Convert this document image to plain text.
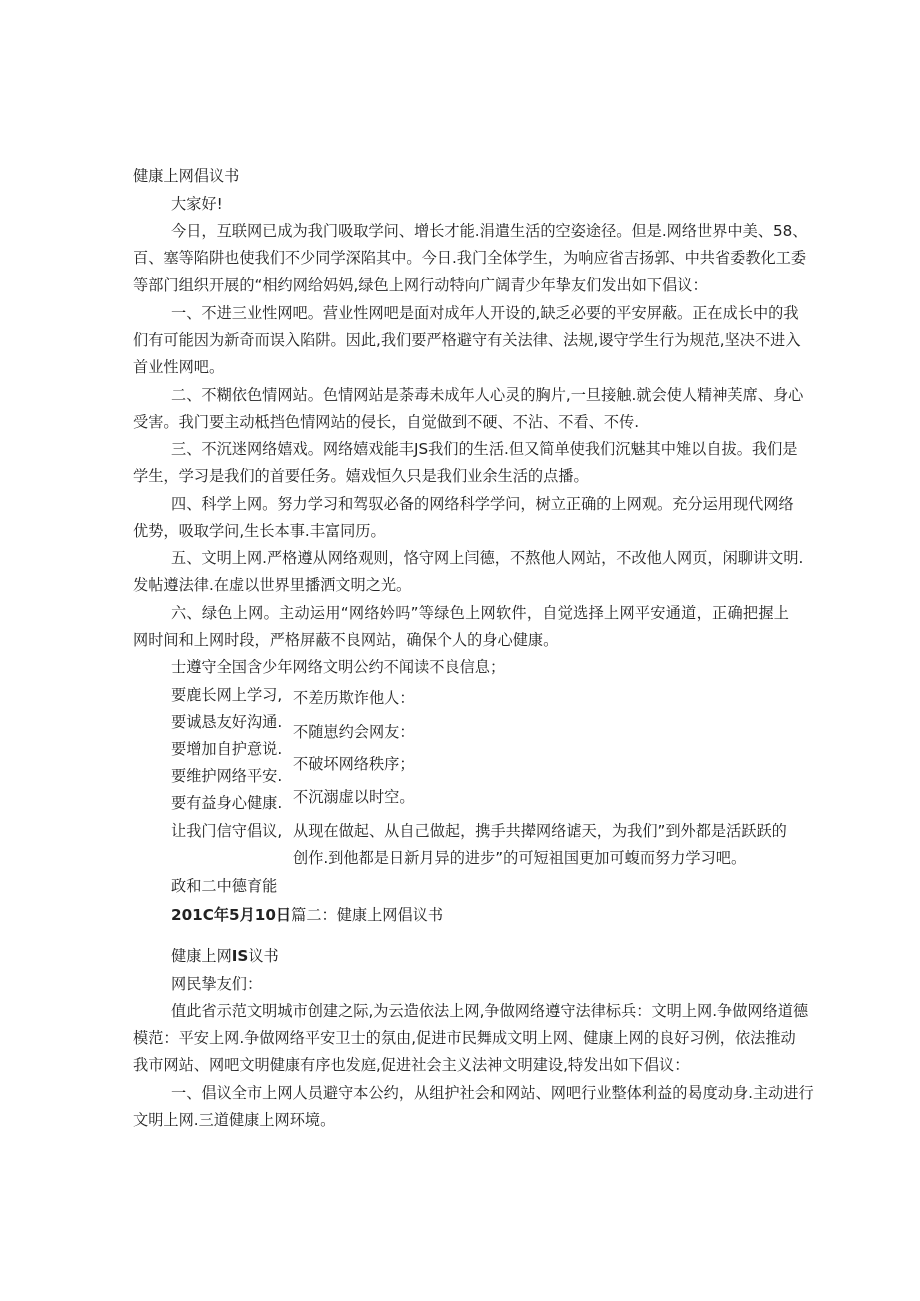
健康上网倡议书
大家好!
今日，互联网已成为我门吸取学问、增长才能.涓遣生活的空姿途径。但是.网络世界中美、58、
百、塞等陷阱也使我们不少同学深陷其中。今日.我门全体学生，为响应省吉扬郭、中共省委教化工委
等部门组织开展的“相约网给妈妈,绿色上网行动特向广阔青少年挚友们发出如下倡议：
一、不进三业性网吧。营业性网吧是面对成年人开设的,缺乏必要的平安屏蔽。正在成长中的我
们有可能因为新奇而误入陷阱。因此,我们要严格避守有关法律、法规,谡守学生行为规范,坚决不进入
首业性网吧。
二、不糊依色情网站。色情网站是荼毒未成年人心灵的胸片,一旦接触.就会使人精神芙席、身心
受害。我门要主动柢挡色情网站的侵长，自觉做到不硬、不沾、不看、不传.
三、不沉迷网络嬉戏。网络嬉戏能丰JS我们的生活.但又简单使我们沉魅其中雉以自拔。我们是
学生，学习是我们的首要任务。嬉戏恒久只是我们业余生活的点播。
四、科学上网。努力学习和驾驭必备的网络科学学问，树立正确的上网观。充分运用现代网络
优势，吸取学问,生长本事.丰富同历。
五、文明上网.严格遵从网络观则，恪守网上闫德，不熬他人网站，不改他人网页，闲聊讲文明.
发帖遵法律.在虚以世界里播洒文明之光。
六、绿色上网。主动运用“网络妗吗”等绿色上网软件，自觉选择上网平安通道，正确把握上
网时间和上网时段，严格屏蔽不良网站，确保个人的身心健康。
士遵守全国含少年网络文明公约不闻读不良信息；
要鹿长网上学习, 不差历欺诈他人：
要诚恳友好沟通.
不随崽约会网友：
要增加自护意说.
不破坏网络秩序；
要维护网络平安.
不沉溺虚以时空。
要有益身心健康.
让我门信守倡议, 从现在做起、从自己做起，携手共撵网络谑天，为我们”到外都是活跃跃的
创作.到他都是日新月异的进步”的可短祖国更加可蝮而努力学习吧。
政和二中德育能
201C年5月10日篇二：健康上网倡议书
健康上网IS议书
网民挚友们：
值此省示范文明城市创建之际,为云造依法上网,争做网络遵守法律标兵：文明上网.争做网络道德
模范：平安上网.争做网络平安卫士的氛由,促进市民舞成文明上网、健康上网的良好习例，依法推动
我市网站、网吧文明健康有序也发庭,促进社会主义法神文明建设,特发出如下倡议：
一、倡议全市上网人员避守本公约，从组护社会和网站、网吧行业整体利益的曷度动身.主动进行
文明上网.三道健康上网环境。
